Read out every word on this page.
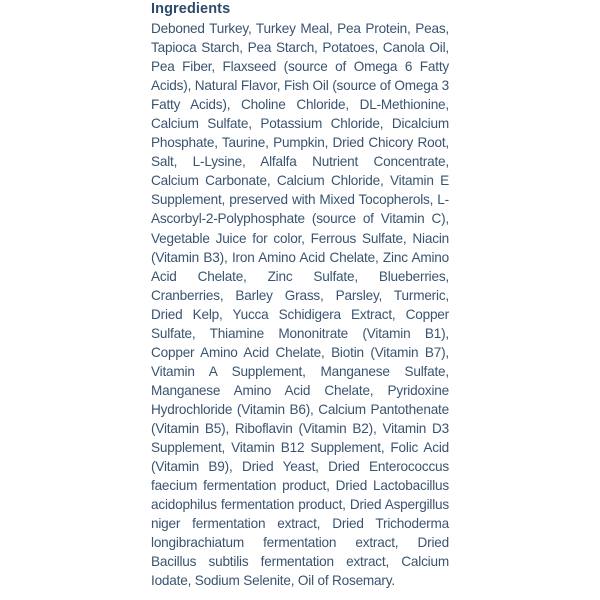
Ingredients

Deboned Turkey, Turkey Meal, Pea Protein, Peas, Tapioca Starch, Pea Starch, Potatoes, Canola Oil, Pea Fiber, Flaxseed (source of Omega 6 Fatty Acids), Natural Flavor, Fish Oil (source of Omega 3 Fatty Acids), Choline Chloride, DL-Methionine, Calcium Sulfate, Potassium Chloride, Dicalcium Phosphate, Taurine, Pumpkin, Dried Chicory Root, Salt, L-Lysine, Alfalfa Nutrient Concentrate, Calcium Carbonate, Calcium Chloride, Vitamin E Supplement, preserved with Mixed Tocopherols, L-Ascorbyl-2-Polyphosphate (source of Vitamin C), Vegetable Juice for color, Ferrous Sulfate, Niacin (Vitamin B3), Iron Amino Acid Chelate, Zinc Amino Acid Chelate, Zinc Sulfate, Blueberries, Cranberries, Barley Grass, Parsley, Turmeric, Dried Kelp, Yucca Schidigera Extract, Copper Sulfate, Thiamine Mononitrate (Vitamin B1), Copper Amino Acid Chelate, Biotin (Vitamin B7), Vitamin A Supplement, Manganese Sulfate, Manganese Amino Acid Chelate, Pyridoxine Hydrochloride (Vitamin B6), Calcium Pantothenate (Vitamin B5), Riboflavin (Vitamin B2), Vitamin D3 Supplement, Vitamin B12 Supplement, Folic Acid (Vitamin B9), Dried Yeast, Dried Enterococcus faecium fermentation product, Dried Lactobacillus acidophilus fermentation product, Dried Aspergillus niger fermentation extract, Dried Trichoderma longibrachiatum fermentation extract, Dried Bacillus subtilis fermentation extract, Calcium Iodate, Sodium Selenite, Oil of Rosemary.
